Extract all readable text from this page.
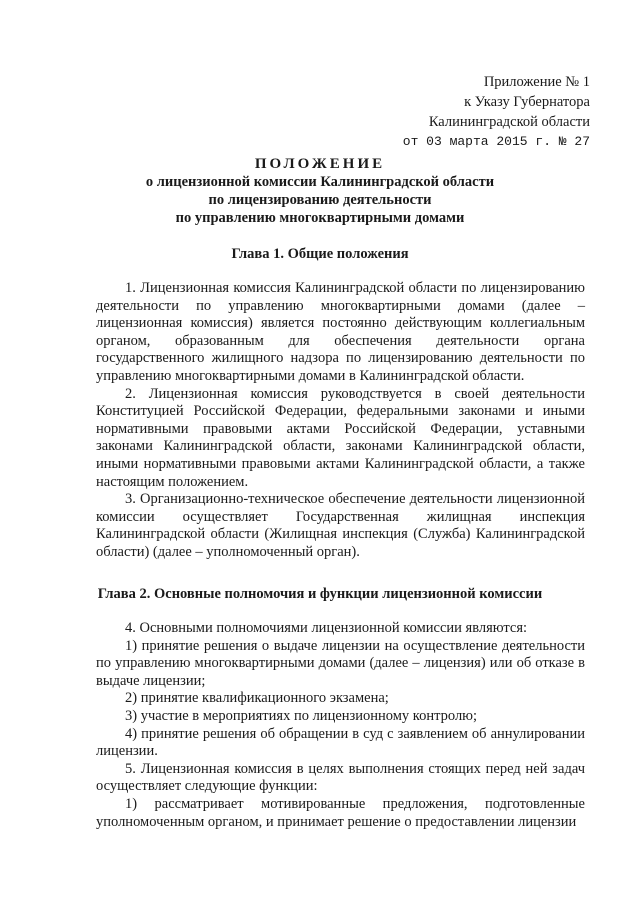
Приложение № 1
к Указу Губернатора
Калининградской области
от 03 марта 2015 г. № 27
ПОЛОЖЕНИЕ
о лицензионной комиссии Калининградской области
по лицензированию деятельности
по управлению многоквартирными домами
Глава 1. Общие положения

1. Лицензионная комиссия Калининградской области по лицензированию деятельности по управлению многоквартирными домами (далее – лицензионная комиссия) является постоянно действующим коллегиальным органом, образованным для обеспечения деятельности органа государственного жилищного надзора по лицензированию деятельности по управлению многоквартирными домами в Калининградской области.

2. Лицензионная комиссия руководствуется в своей деятельности Конституцией Российской Федерации, федеральными законами и иными нормативными правовыми актами Российской Федерации, уставными законами Калининградской области, законами Калининградской области, иными нормативными правовыми актами Калининградской области, а также настоящим положением.

3. Организационно-техническое обеспечение деятельности лицензионной комиссии осуществляет Государственная жилищная инспекция Калининградской области (Жилищная инспекция (Служба) Калининградской области) (далее – уполномоченный орган).

Глава 2. Основные полномочия и функции лицензионной комиссии

4. Основными полномочиями лицензионной комиссии являются:

1) принятие решения о выдаче лицензии на осуществление деятельности по управлению многоквартирными домами (далее – лицензия) или об отказе в выдаче лицензии;

2) принятие квалификационного экзамена;

3) участие в мероприятиях по лицензионному контролю;

4) принятие решения об обращении в суд с заявлением об аннулировании лицензии.

5. Лицензионная комиссия в целях выполнения стоящих перед ней задач осуществляет следующие функции:

1) рассматривает мотивированные предложения, подготовленные уполномоченным органом, и принимает решение о предоставлении лицензии
